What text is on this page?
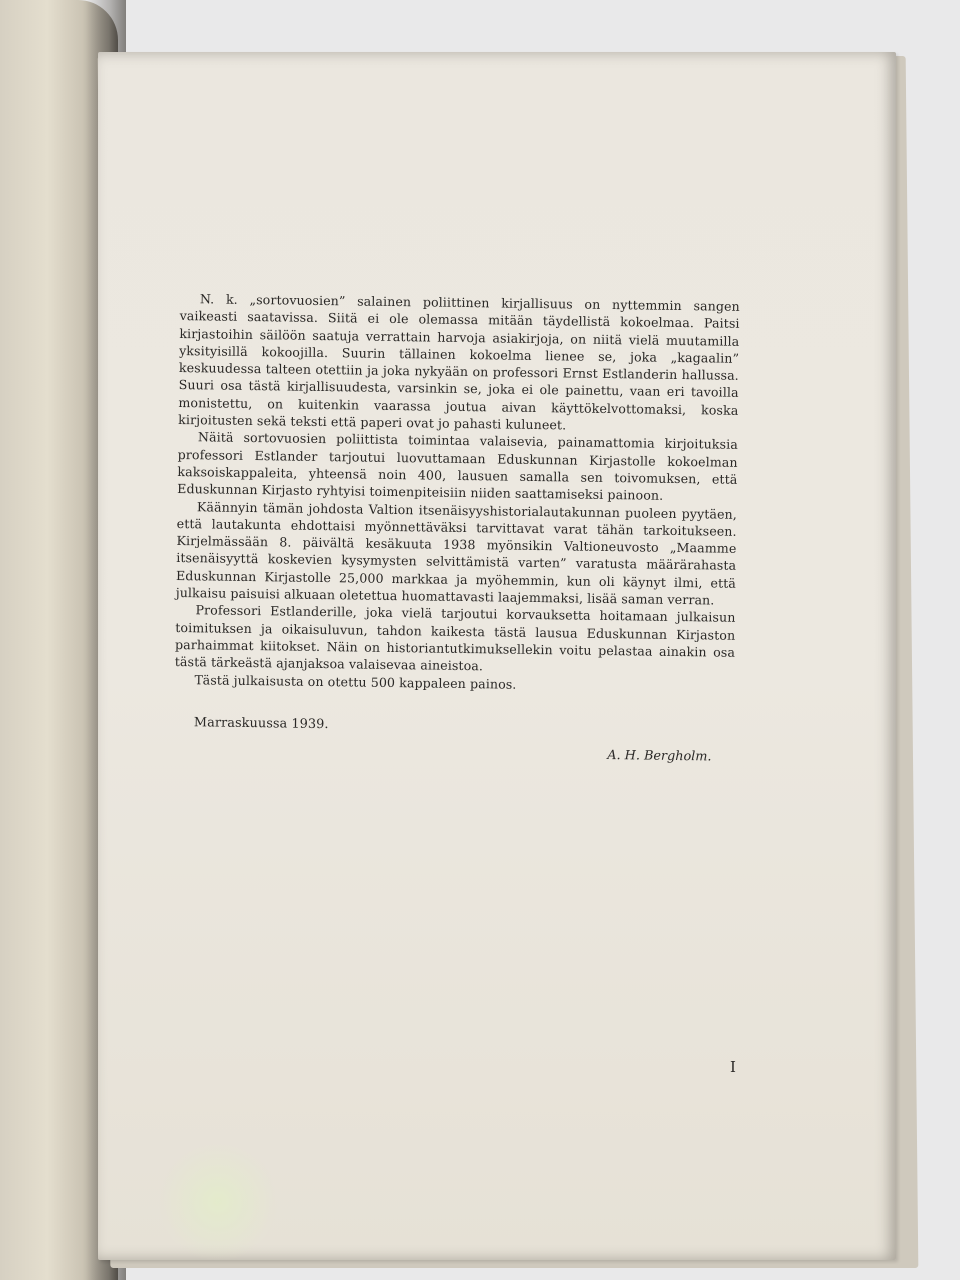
N. k. „sortovuosien” salainen poliittinen kirjallisuus on nyttemmin sangen vaikeasti saatavissa. Siitä ei ole olemassa mitään täydellistä kokoelmaa. Paitsi kirjastoihin säilöön saatuja verrattain harvoja asiakirjoja, on niitä vielä muutamilla yksityisillä kokoojilla. Suurin tällainen kokoelma lienee se, joka „kagaalin” keskuudessa talteen otettiin ja joka nykyään on professori Ernst Estlanderin hallussa. Suuri osa tästä kirjallisuudesta, varsinkin se, joka ei ole painettu, vaan eri tavoilla monistettu, on kuitenkin vaarassa joutua aivan käyttökelvottomaksi, koska kirjoitusten sekä teksti että paperi ovat jo pahasti kuluneet.

Näitä sortovuosien poliittista toimintaa valaisevia, painamattomia kirjoituksia professori Estlander tarjoutui luovuttamaan Eduskunnan Kirjastolle kokoelman kaksoiskappaleita, yhteensä noin 400, lausuen samalla sen toivomuksen, että Eduskunnan Kirjasto ryhtyisi toimenpiteisiin niiden saattamiseksi painoon.

Käännyin tämän johdosta Valtion itsenäisyyshistorialautakunnan puoleen pyytäen, että lautakunta ehdottaisi myönnettäväksi tarvittavat varat tähän tarkoitukseen. Kirjelmässään 8. päivältä kesäkuuta 1938 myönsikin Valtioneuvosto „Maamme itsenäisyyttä koskevien kysymysten selvittämistä varten” varatusta määrärahasta Eduskunnan Kirjastolle 25,000 markkaa ja myöhemmin, kun oli käynyt ilmi, että julkaisu paisuisi alkuaan oletettua huomattavasti laajemmaksi, lisää saman verran.

Professori Estlanderille, joka vielä tarjoutui korvauksetta hoitamaan julkaisun toimituksen ja oikaisuluvun, tahdon kaikesta tästä lausua Eduskunnan Kirjaston parhaimmat kiitokset. Näin on historiantutkimuksellekin voitu pelastaa ainakin osa tästä tärkeästä ajanjaksoa valaisevaa aineistoa.

Tästä julkaisusta on otettu 500 kappaleen painos.

Marraskuussa 1939.

A. H. Bergholm.

I
